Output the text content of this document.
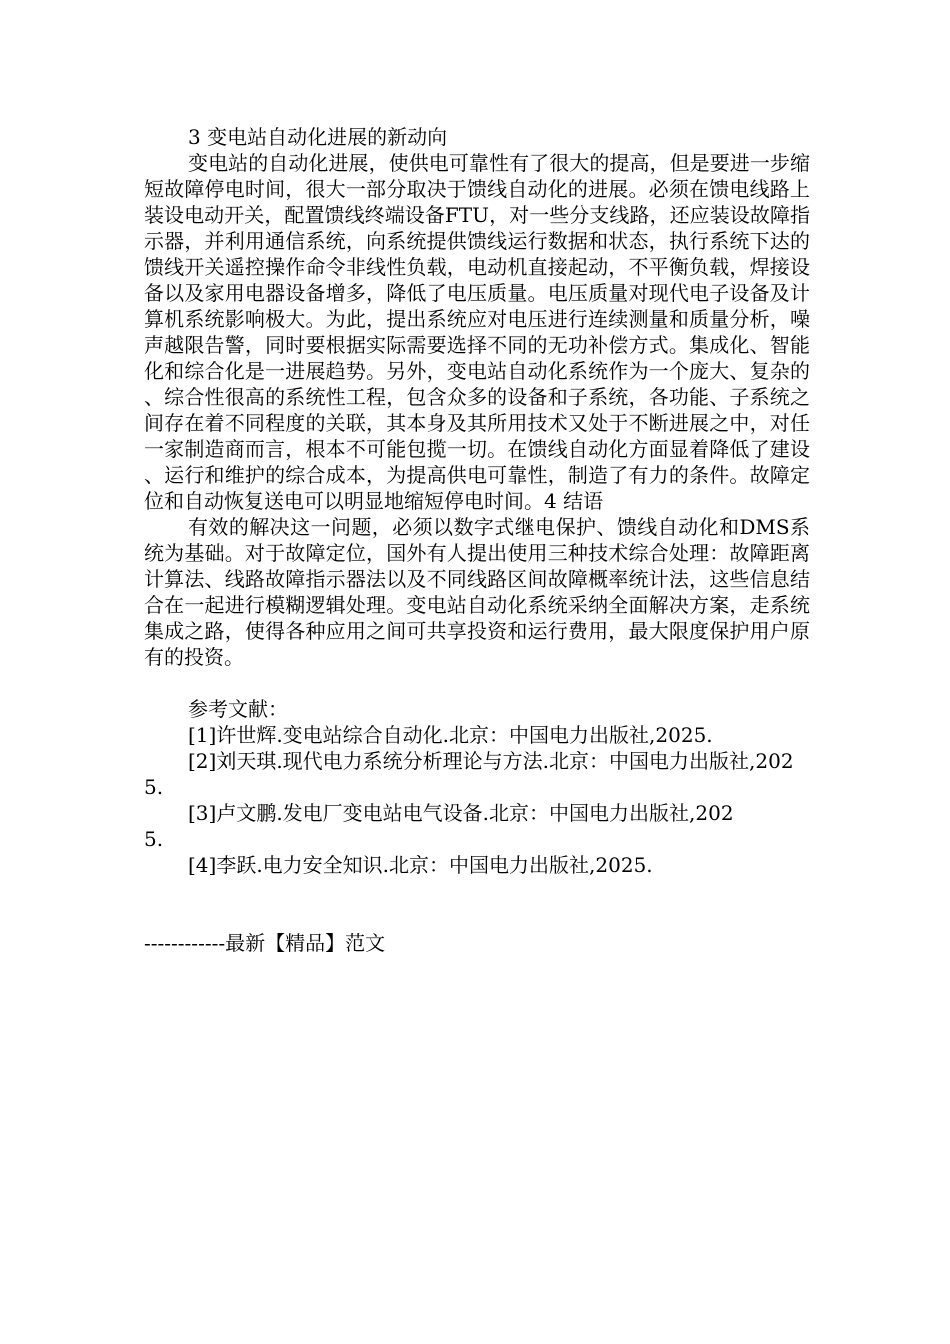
3 变电站自动化进展的新动向

变电站的自动化进展，使供电可靠性有了很大的提高，但是要进一步缩短故障停电时间，很大一部分取决于馈线自动化的进展。必须在馈电线路上装设电动开关，配置馈线终端设备FTU，对一些分支线路，还应装设故障指示器，并利用通信系统，向系统提供馈线运行数据和状态，执行系统下达的馈线开关遥控操作命令非线性负载，电动机直接起动，不平衡负载，焊接设备以及家用电器设备增多，降低了电压质量。电压质量对现代电子设备及计算机系统影响极大。为此，提出系统应对电压进行连续测量和质量分析，噪声越限告警，同时要根据实际需要选择不同的无功补偿方式。集成化、智能化和综合化是一进展趋势。另外，变电站自动化系统作为一个庞大、复杂的、综合性很高的系统性工程，包含众多的设备和子系统，各功能、子系统之间存在着不同程度的关联，其本身及其所用技术又处于不断进展之中，对任一家制造商而言，根本不可能包揽一切。在馈线自动化方面显着降低了建设、运行和维护的综合成本，为提高供电可靠性，制造了有力的条件。故障定位和自动恢复送电可以明显地缩短停电时间。4 结语

有效的解决这一问题，必须以数字式继电保护、馈线自动化和DMS系统为基础。对于故障定位，国外有人提出使用三种技术综合处理：故障距离计算法、线路故障指示器法以及不同线路区间故障概率统计法，这些信息结合在一起进行模糊逻辑处理。变电站自动化系统采纳全面解决方案，走系统集成之路，使得各种应用之间可共享投资和运行费用，最大限度保护用户原有的投资。

参考文献：

[1]许世辉.变电站综合自动化.北京：中国电力出版社,2025.

[2]刘天琪.现代电力系统分析理论与方法.北京：中国电力出版社,2025.

[3]卢文鹏.发电厂变电站电气设备.北京：中国电力出版社,2025.

[4]李跃.电力安全知识.北京：中国电力出版社,2025.

------------最新【精品】范文
